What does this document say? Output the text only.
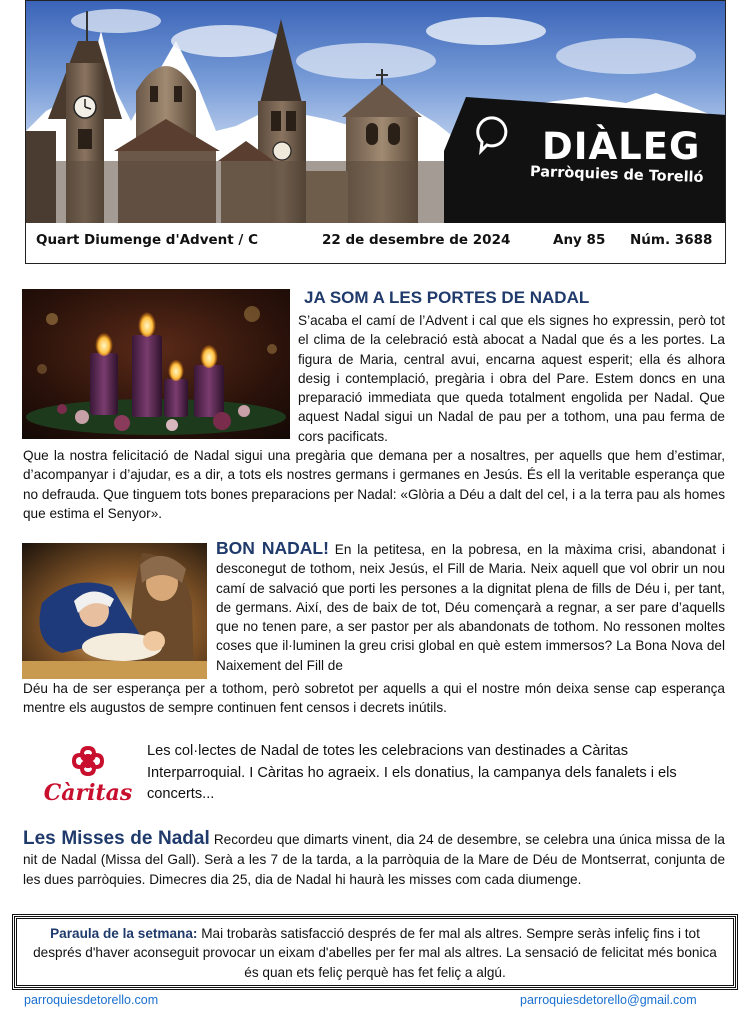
DIÀLEG
Parròquies de Torelló
Quart Diumenge d'Advent / C	22 de desembre de 2024	Any 85 Núm. 3688
JA SOM A LES PORTES DE NADAL

S’acaba el camí de l’Advent i cal que els signes ho expressin, però tot el clima de la celebració està abocat a Nadal que és a les portes. La figura de Maria, central avui, encarna aquest esperit; ella és alhora desig i contemplació, pregària i obra del Pare. Estem doncs en una preparació immediata que queda totalment engolida per Nadal. Que aquest Nadal sigui un Nadal de pau per a tothom, una pau ferma de cors pacificats.

Que la nostra felicitació de Nadal sigui una pregària que demana per a nosaltres, per aquells que hem d’estimar, d’acompanyar i d’ajudar, es a dir, a tots els nostres germans i germanes en Jesús. És ell la veritable esperança que no defrauda. Que tinguem tots bones preparacions per Nadal: «Glòria a Déu a dalt del cel, i a la terra pau als homes que estima el Senyor».

BON NADAL! En la petitesa, en la pobresa, en la màxima crisi, abandonat i desconegut de tothom, neix Jesús, el Fill de Maria. Neix aquell que vol obrir un nou camí de salvació que porti les persones a la dignitat plena de fills de Déu i, per tant, de germans. Així, des de baix de tot, Déu començarà a regnar, a ser pare d’aquells que no tenen pare, a ser pastor per als abandonats de tothom. No ressonen moltes coses que il·luminen la greu crisi global en què estem immersos? La Bona Nova del Naixement del Fill de

Déu ha de ser esperança per a tothom, però sobretot per aquells a qui el nostre món deixa sense cap esperança mentre els augustos de sempre continuen fent censos i decrets inútils.

Càritas

Les col·lectes de Nadal de totes les celebracions van destinades a Càritas Interparroquial. I Càritas ho agraeix. I els donatius, la campanya dels fanalets i els concerts...

Les Misses de Nadal Recordeu que dimarts vinent, dia 24 de desembre, se celebra una única missa de la nit de Nadal (Missa del Gall). Serà a les 7 de la tarda, a la parròquia de la Mare de Déu de Montserrat, conjunta de les dues parròquies. Dimecres dia 25, dia de Nadal hi haurà les misses com cada diumenge.

Paraula de la setmana: Mai trobaràs satisfacció després de fer mal als altres. Sempre seràs infeliç fins i tot després d'haver aconseguit provocar un eixam d'abelles per fer mal als altres. La sensació de felicitat més bonica és quan ets feliç perquè has fet feliç a algú.
parroquiesdetorello.com	parroquiesdetorello@gmail.com
